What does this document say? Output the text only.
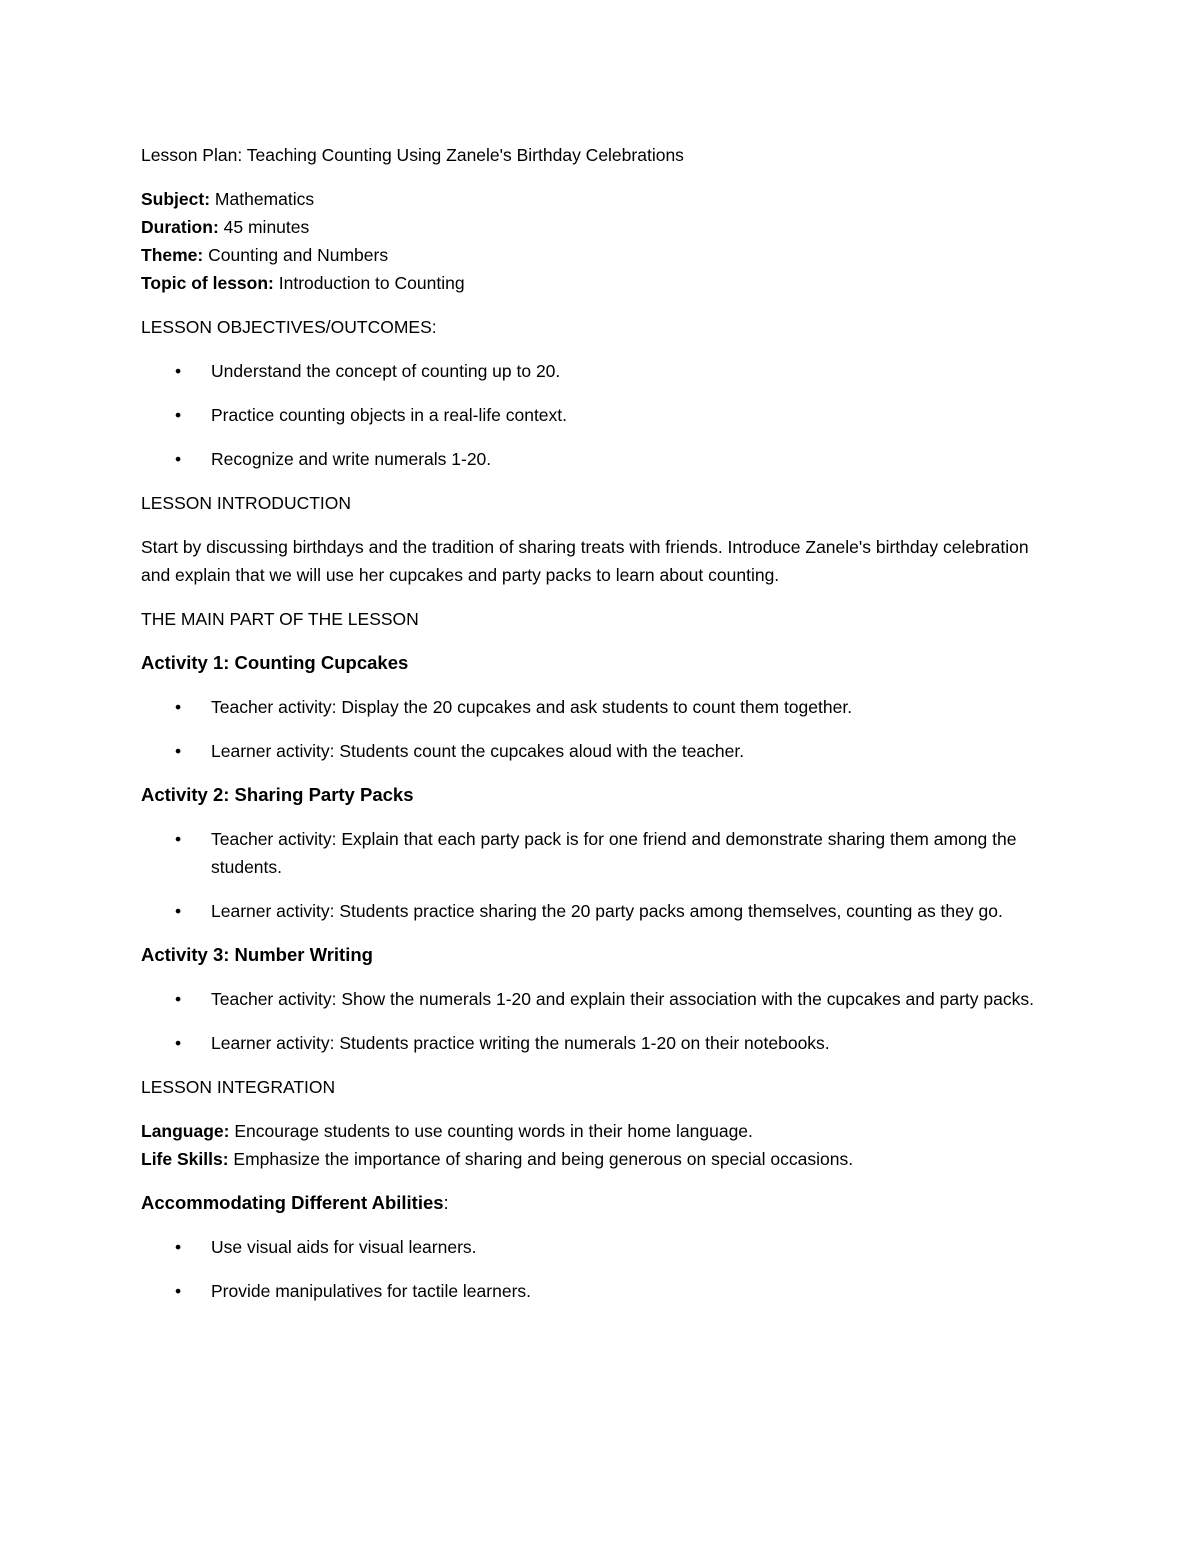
Lesson Plan: Teaching Counting Using Zanele's Birthday Celebrations
Subject: Mathematics
Duration: 45 minutes
Theme: Counting and Numbers
Topic of lesson: Introduction to Counting
LESSON OBJECTIVES/OUTCOMES:
• Understand the concept of counting up to 20.
• Practice counting objects in a real-life context.
• Recognize and write numerals 1-20.
LESSON INTRODUCTION
Start by discussing birthdays and the tradition of sharing treats with friends. Introduce Zanele's birthday celebration and explain that we will use her cupcakes and party packs to learn about counting.
THE MAIN PART OF THE LESSON
Activity 1: Counting Cupcakes
• Teacher activity: Display the 20 cupcakes and ask students to count them together.
• Learner activity: Students count the cupcakes aloud with the teacher.
Activity 2: Sharing Party Packs
• Teacher activity: Explain that each party pack is for one friend and demonstrate sharing them among the students.
• Learner activity: Students practice sharing the 20 party packs among themselves, counting as they go.
Activity 3: Number Writing
• Teacher activity: Show the numerals 1-20 and explain their association with the cupcakes and party packs.
• Learner activity: Students practice writing the numerals 1-20 on their notebooks.
LESSON INTEGRATION
Language: Encourage students to use counting words in their home language.
Life Skills: Emphasize the importance of sharing and being generous on special occasions.
Accommodating Different Abilities:
• Use visual aids for visual learners.
• Provide manipulatives for tactile learners.
